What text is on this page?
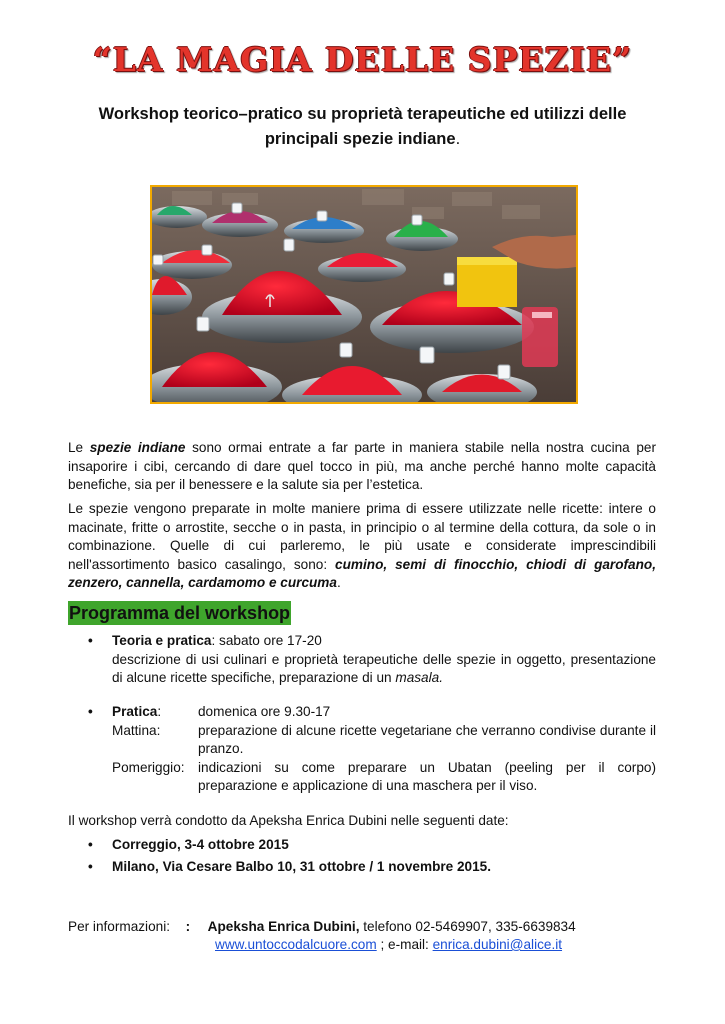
“LA MAGIA DELLE SPEZIE”
Workshop teorico–pratico su proprietà terapeutiche ed utilizzi delle
principali spezie indiane.
Le spezie indiane sono ormai entrate a far parte in maniera stabile nella nostra cucina per insaporire i cibi, cercando di dare quel tocco in più, ma anche perché hanno molte capacità benefiche, sia per il benessere e la salute sia per l’estetica.
Le spezie vengono preparate in molte maniere prima di essere utilizzate nelle ricette: intere o macinate, fritte o arrostite, secche o in pasta, in principio o al termine della cottura, da sole o in combinazione. Quelle di cui parleremo, le più usate e considerate imprescindibili nell'assortimento basico casalingo, sono: cumino, semi di finocchio, chiodi di garofano, zenzero, cannella, cardamomo e curcuma.
Programma del workshop
• Teoria e pratica: sabato ore 17-20
descrizione di usi culinari e proprietà terapeutiche delle spezie in oggetto, presentazione di alcune ricette specifiche, preparazione di un masala.
• Pratica:	domenica ore 9.30-17
Mattina:	preparazione di alcune ricette vegetariane che verranno condivise durante il pranzo.
Pomeriggio: indicazioni su come preparare un Ubatan (peeling per il corpo) preparazione e applicazione di una maschera per il viso.
Il workshop verrà condotto da Apeksha Enrica Dubini nelle seguenti date:
• Correggio, 3-4 ottobre 2015
• Milano, Via Cesare Balbo 10, 31 ottobre / 1 novembre 2015.
Per informazioni: : Apeksha Enrica Dubini, telefono 02-5469907, 335-6639834
www.untoccodalcuore.com ; e-mail: enrica.dubini@alice.it
